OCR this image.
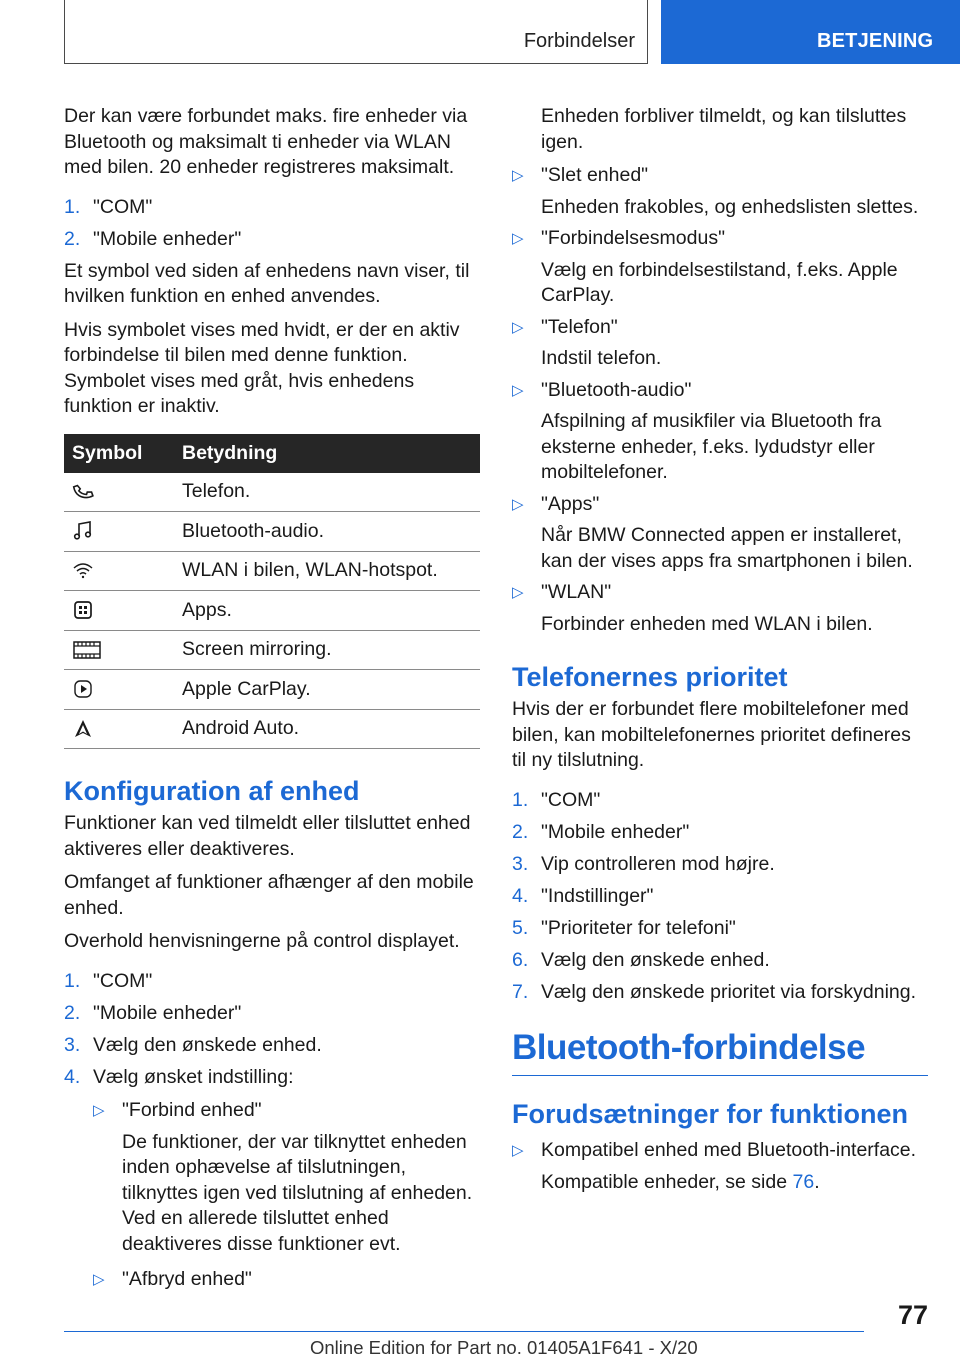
Forbindelser	BETJENING

Der kan være forbundet maks. fire enheder via Bluetooth og maksimalt ti enheder via WLAN med bilen. 20 enheder registreres maksimalt.

1. "COM"
2. "Mobile enheder"

Et symbol ved siden af enhedens navn viser, til hvilken funktion en enhed anvendes.

Hvis symbolet vises med hvidt, er der en aktiv forbindelse til bilen med denne funktion. Symbolet vises med gråt, hvis enhedens funktion er inaktiv.

Symbol	Betydning

	Telefon.

	Bluetooth-audio.

	WLAN i bilen, WLAN-hotspot.

	Apps.

	Screen mirroring.

	Apple CarPlay.

	Android Auto.
Konfiguration af enhed

Funktioner kan ved tilmeldt eller tilsluttet enhed aktiveres eller deaktiveres.

Omfanget af funktioner afhænger af den mobile enhed.

Overhold henvisningerne på control displayet.

1. "COM"
2. "Mobile enheder"
3. Vælg den ønskede enhed.
4. Vælg ønsket indstilling:
▷ "Forbind enhed"
De funktioner, der var tilknyttet enheden inden ophævelse af tilslutningen, tilknyttes igen ved tilslutning af enheden. Ved en allerede tilsluttet enhed deaktiveres disse funktioner evt.
▷ "Afbryd enhed"

Enheden forbliver tilmeldt, og kan tilsluttes igen.

▷ "Slet enhed"
Enheden frakobles, og enhedslisten slettes.
▷ "Forbindelsesmodus"
Vælg en forbindelsestilstand, f.eks. Apple CarPlay.
▷ "Telefon"
Indstil telefon.
▷ "Bluetooth-audio"
Afspilning af musikfiler via Bluetooth fra eksterne enheder, f.eks. lydudstyr eller mobiltelefoner.
▷ "Apps"
Når BMW Connected appen er installeret, kan der vises apps fra smartphonen i bilen.
▷ "WLAN"
Forbinder enheden med WLAN i bilen.
Telefonernes prioritet

Hvis der er forbundet flere mobiltelefoner med bilen, kan mobiltelefonernes prioritet defineres til ny tilslutning.

1. "COM"
2. "Mobile enheder"
3. Vip controlleren mod højre.
4. "Indstillinger"
5. "Prioriteter for telefoni"
6. Vælg den ønskede enhed.
7. Vælg den ønskede prioritet via forskydning.
Bluetooth-forbindelse
Forudsætninger for funktionen
▷ Kompatibel enhed med Bluetooth-interface.
Kompatible enheder, se side 76.
77
Online Edition for Part no. 01405A1F641 - X/20
